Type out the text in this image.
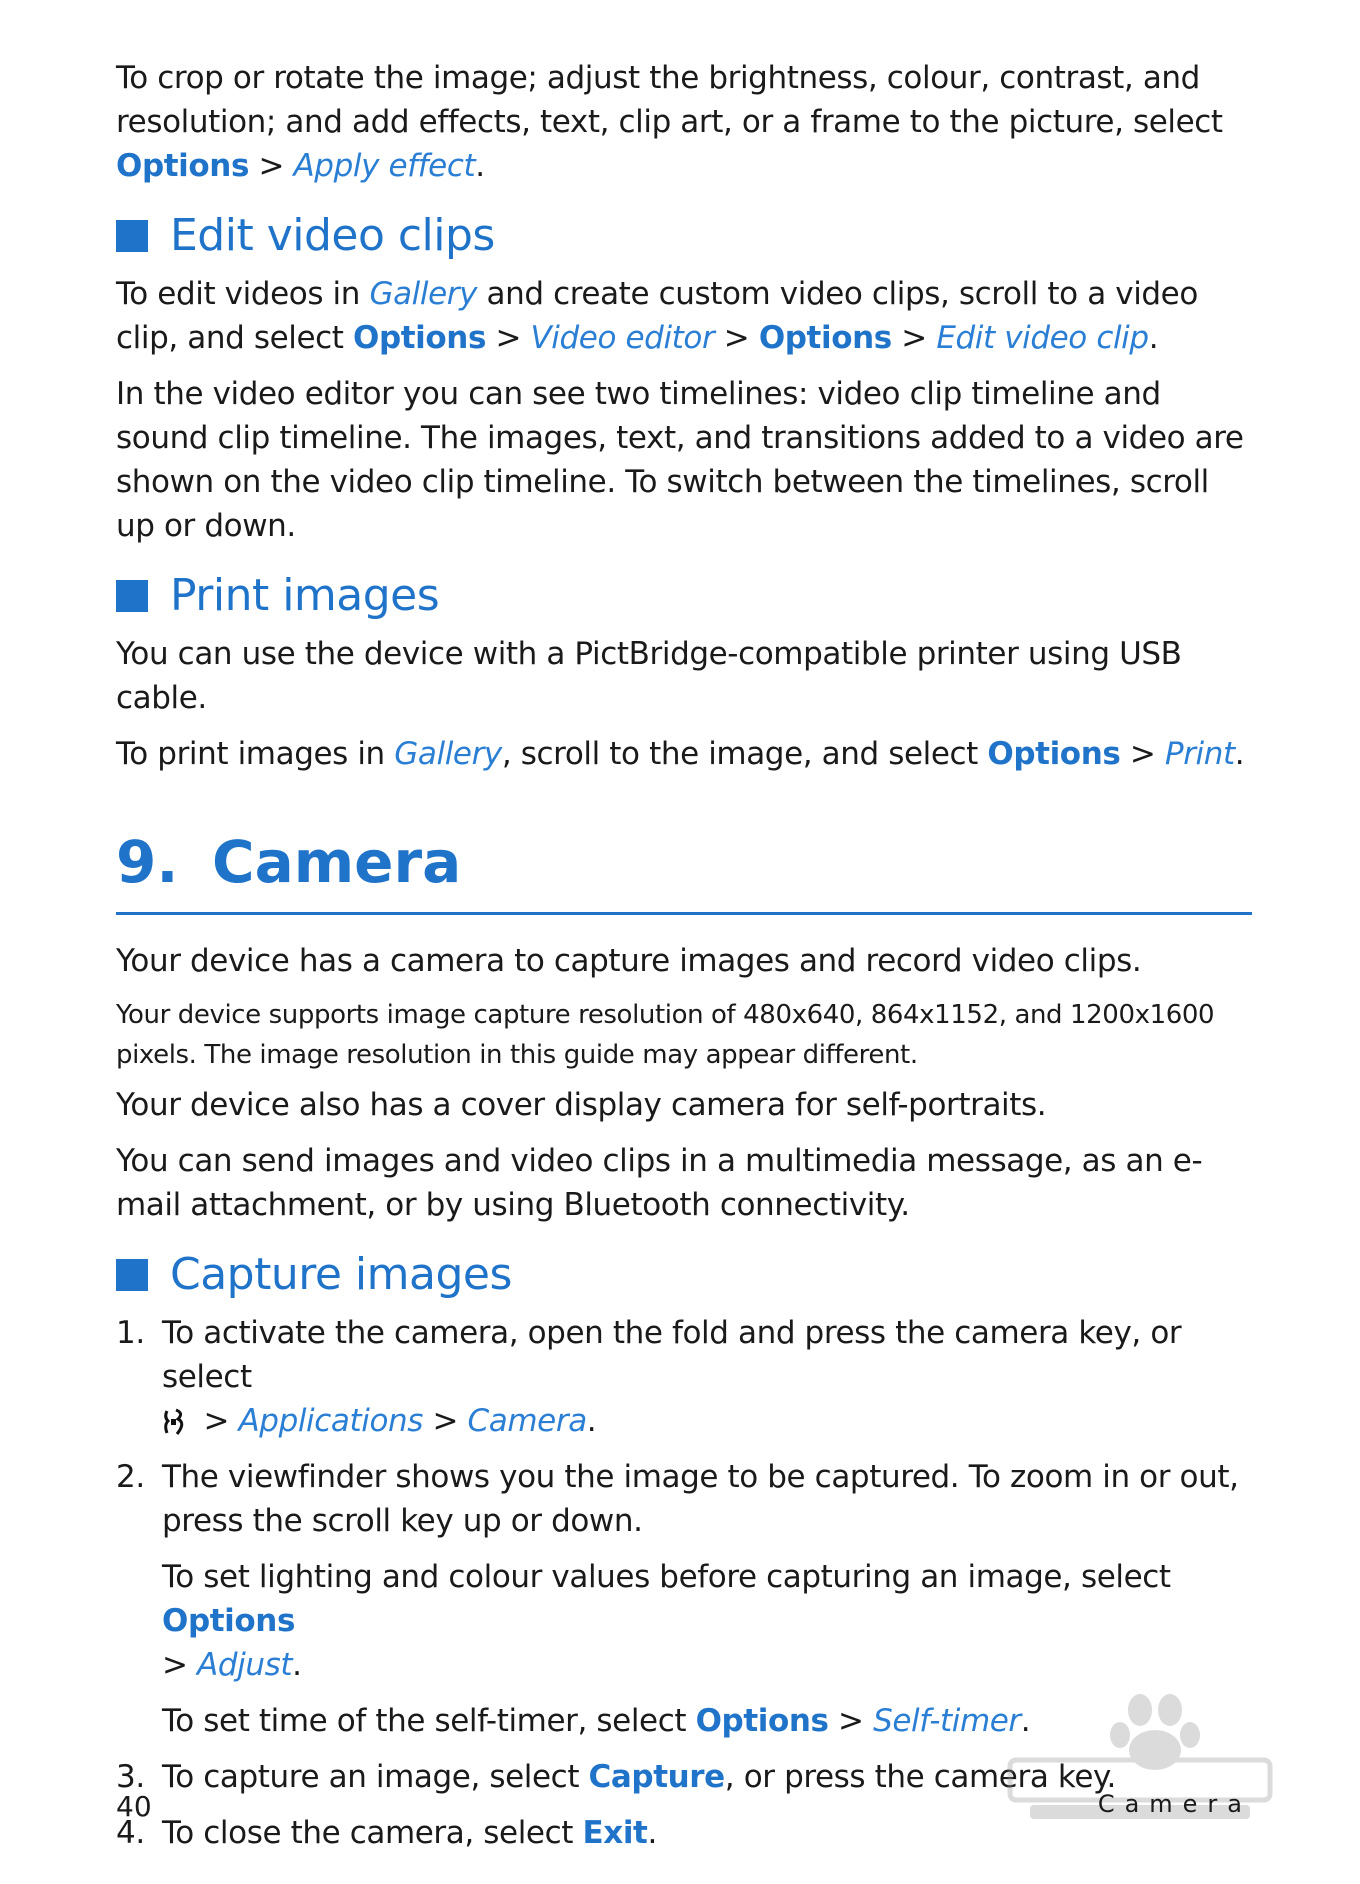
To crop or rotate the image; adjust the brightness, colour, contrast, and resolution; and add effects, text, clip art, or a frame to the picture, select Options > Apply effect.

Edit video clips

To edit videos in Gallery and create custom video clips, scroll to a video clip, and select Options > Video editor > Options > Edit video clip.

In the video editor you can see two timelines: video clip timeline and sound clip timeline. The images, text, and transitions added to a video are shown on the video clip timeline. To switch between the timelines, scroll up or down.

Print images

You can use the device with a PictBridge-compatible printer using USB cable.

To print images in Gallery, scroll to the image, and select Options > Print.

9. Camera

Your device has a camera to capture images and record video clips.

Your device supports image capture resolution of 480x640, 864x1152, and 1200x1600 pixels. The image resolution in this guide may appear different.

Your device also has a cover display camera for self-portraits.

You can send images and video clips in a multimedia message, as an e-mail attachment, or by using Bluetooth connectivity.

Capture images
1. To activate the camera, open the fold and press the camera key, or select
> Applications > Camera.
2. The viewfinder shows you the image to be captured. To zoom in or out, press the scroll key up or down.

To set lighting and colour values before capturing an image, select Options
> Adjust.

To set time of the self-timer, select Options > Self-timer.

3. To capture an image, select Capture, or press the camera key.
4. To close the camera, select Exit.
40	Camera
